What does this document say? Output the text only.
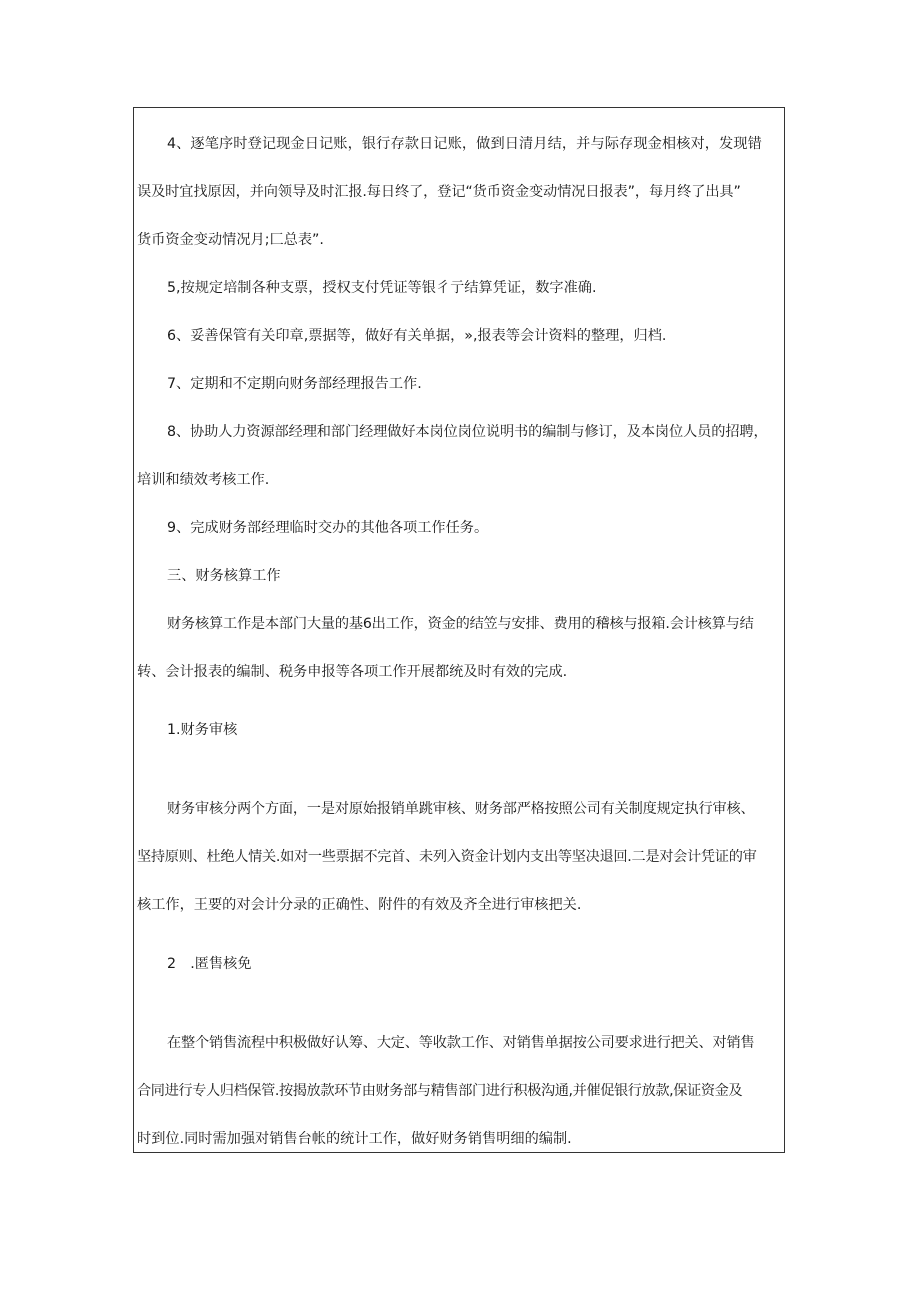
4、逐笔序时登记现金日记账，银行存款日记账，做到日清月结，并与际存现金相核对，发现错
误及时宜找原因，并向领导及时汇报.每日终了，登记“货币资金变动情况日报表”，每月终了出具”
货币资金变动情况月;匚总表”.
5,按规定培制各种支票，授权支付凭证等银彳亍结算凭证，数字准确.
6、妥善保管有关印章,票据等，做好有关单据，»,报表等会计资料的整理，归档.
7、定期和不定期向财务部经理报告工作.
8、协助人力资源部经理和部门经理做好本岗位岗位说明书的编制与修订，及本岗位人员的招聘，
培训和绩效考核工作.
9、完成财务部经理临时交办的其他各项工作任务。
三、财务核算工作
财务核算工作是本部门大量的基6出工作，资金的结笠与安排、费用的稽核与报箱.会计核算与结
转、会计报表的编制、税务申报等各项工作开展都统及时有效的完成.
1.财务审核
财务审核分两个方面，一是对原始报销单跳审核、财务部严格按照公司有关制度规定执行审核、
坚持原则、杜绝人情关.如对一些票据不完首、未列入资金计划内支出等坚决退回.二是对会计凭证的审
核工作，王要的对会计分录的正确性、附件的有效及齐全进行审核把关.
2　.匿售核免
在整个销售流程中积极做好认筹、大定、等收款工作、对销售单据按公司要求进行把关、对销售
合同进行专人归档保管.按揭放款环节由财务部与精售部门进行积极沟通,并催促银行放款,保证资金及
时到位.同时需加强对销售台帐的统计工作，做好财务销售明细的编制.
